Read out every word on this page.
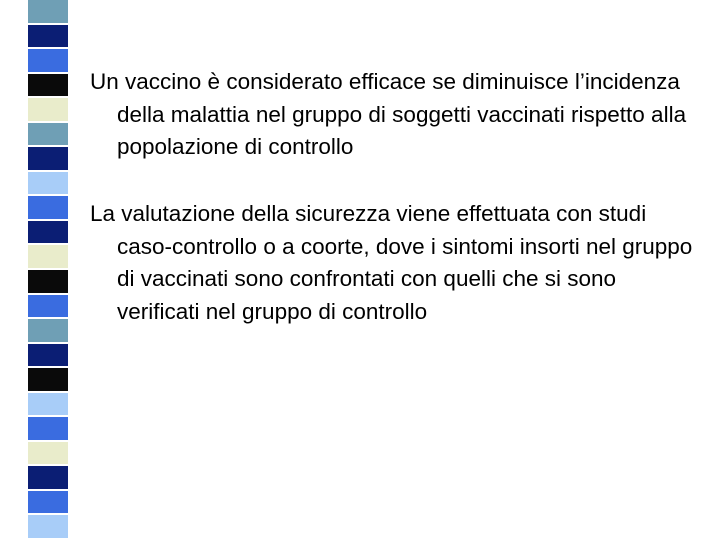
Un vaccino è considerato efficace se diminuisce l’incidenza della malattia nel gruppo di soggetti vaccinati rispetto alla popolazione di controllo

La valutazione della sicurezza viene effettuata con studi caso-controllo o a coorte, dove i sintomi insorti nel gruppo di vaccinati sono confrontati con quelli che si sono verificati nel gruppo di controllo
